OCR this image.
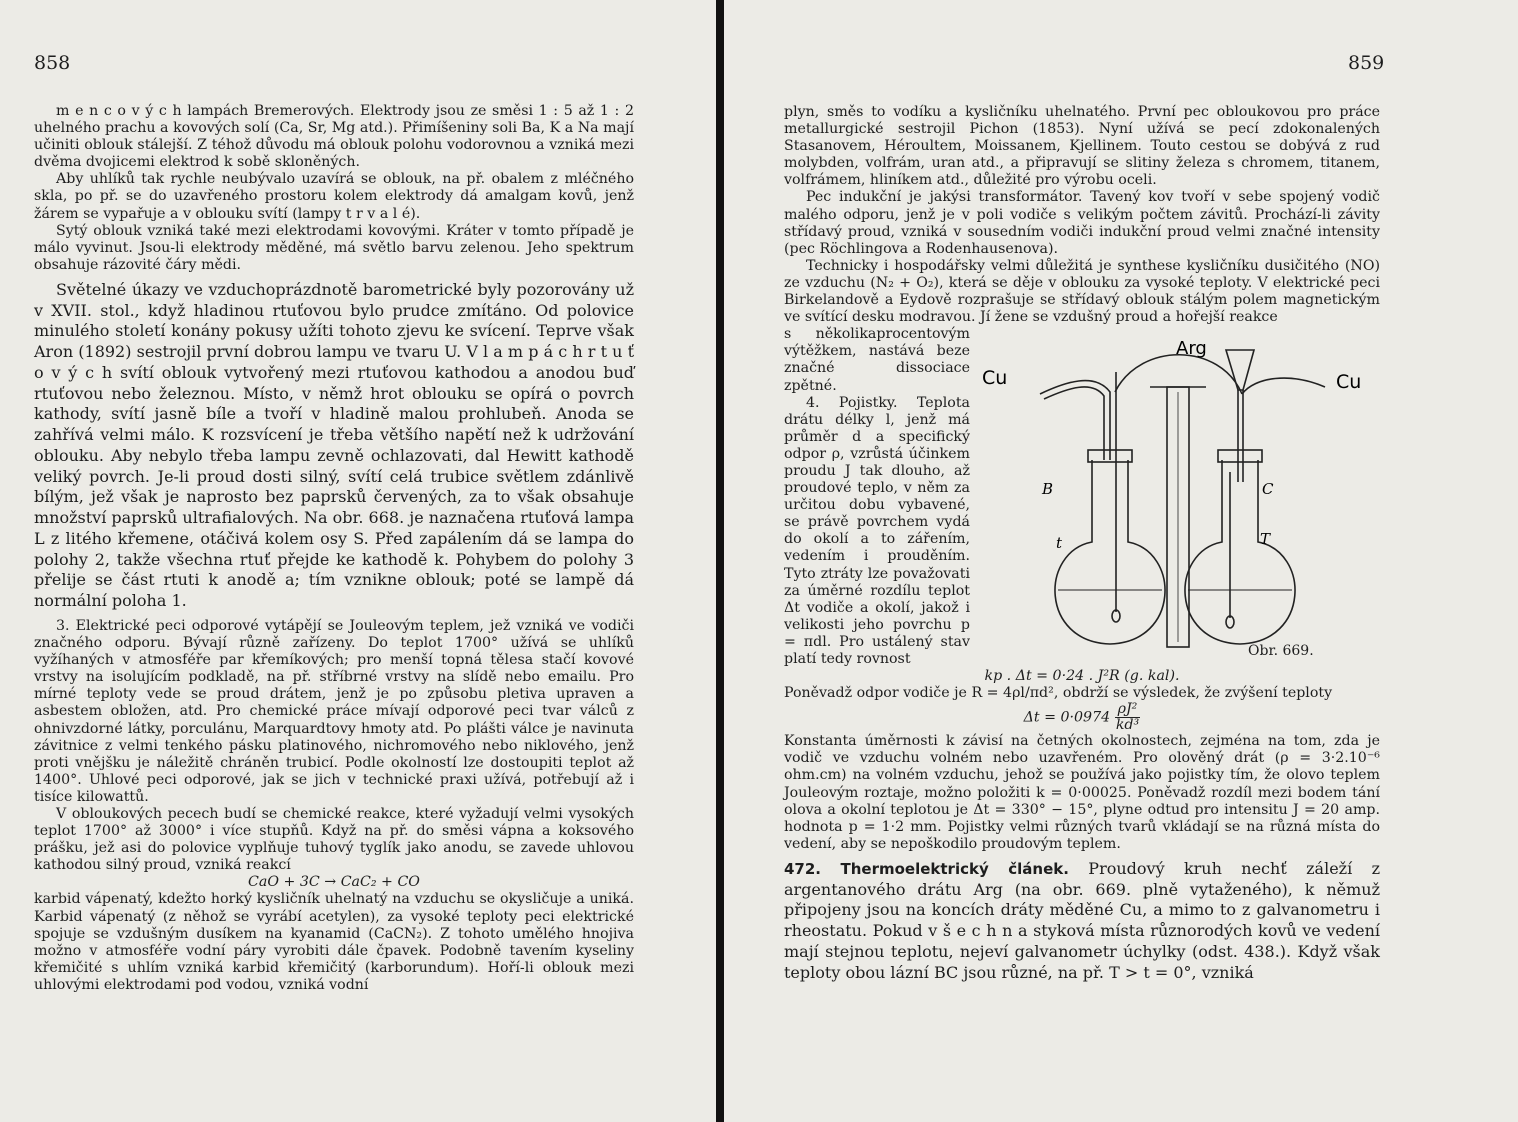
858

m e n c o v ý c h lampách Bremerových. Elektrody jsou ze směsi 1 : 5 až 1 : 2 uhelného prachu a kovových solí (Ca, Sr, Mg atd.). Přimíšeniny soli Ba, K a Na mají učiniti oblouk stálejší. Z téhož důvodu má oblouk polohu vodorovnou a vzniká mezi dvěma dvojicemi elektrod k sobě skloněných.

Aby uhlíků tak rychle neubývalo uzavírá se oblouk, na př. obalem z mléčného skla, po př. se do uzavřeného prostoru kolem elektrody dá amalgam kovů, jenž žárem se vypařuje a v oblouku svítí (lampy t r v a l é).

Sytý oblouk vzniká také mezi elektrodami kovovými. Kráter v tomto případě je málo vyvinut. Jsou-li elektrody měděné, má světlo barvu zelenou. Jeho spektrum obsahuje rázovité čáry mědi.

Světelné úkazy ve vzduchoprázdnotě barometrické byly pozorovány už v XVII. stol., když hladinou rtuťovou bylo prudce zmítáno. Od polovice minulého století konány pokusy užíti tohoto zjevu ke svícení. Teprve však Aron (1892) sestrojil první dobrou lampu ve tvaru U. V l a m p á c h r t u ť o v ý c h svítí oblouk vytvořený mezi rtuťovou kathodou a anodou buď rtuťovou nebo železnou. Místo, v němž hrot oblouku se opírá o povrch kathody, svítí jasně bíle a tvoří v hladině malou prohlubeň. Anoda se zahřívá velmi málo. K rozsvícení je třeba většího napětí než k udržování oblouku. Aby nebylo třeba lampu zevně ochlazovati, dal Hewitt kathodě veliký povrch. Je-li proud dosti silný, svítí celá trubice světlem zdánlivě bílým, jež však je naprosto bez paprsků červených, za to však obsahuje množství paprsků ultrafialových. Na obr. 668. je naznačena rtuťová lampa L z litého křemene, otáčivá kolem osy S. Před zapálením dá se lampa do polohy 2, takže všechna rtuť přejde ke kathodě k. Pohybem do polohy 3 přelije se část rtuti k anodě a; tím vznikne oblouk; poté se lampě dá normální poloha 1.

3. Elektrické peci odporové vytápějí se Jouleovým teplem, jež vzniká ve vodiči značného odporu. Bývají různě zařízeny. Do teplot 1700° užívá se uhlíků vyžíhaných v atmosféře par křemíkových; pro menší topná tělesa stačí kovové vrstvy na isolujícím podkladě, na př. stříbrné vrstvy na slídě nebo emailu. Pro mírné teploty vede se proud drátem, jenž je po způsobu pletiva upraven a asbestem obložen, atd. Pro chemické práce mívají odporové peci tvar válců z ohnivzdorné látky, porculánu, Marquardtovy hmoty atd. Po plášti válce je navinuta závitnice z velmi tenkého pásku platinového, nichromového nebo niklového, jenž proti vnějšku je náležitě chráněn trubicí. Podle okolností lze dostoupiti teplot až 1400°. Uhlové peci odporové, jak se jich v technické praxi užívá, potřebují až i tisíce kilowattů.

V obloukových pecech budí se chemické reakce, které vyžadují velmi vysokých teplot 1700° až 3000° i více stupňů. Když na př. do směsi vápna a koksového prášku, jež asi do polovice vyplňuje tuhový tyglík jako anodu, se zavede uhlovou kathodou silný proud, vzniká reakcí

CaO + 3C → CaC₂ + CO

karbid vápenatý, kdežto horký kysličník uhelnatý na vzduchu se okysličuje a uniká. Karbid vápenatý (z něhož se vyrábí acetylen), za vysoké teploty peci elektrické spojuje se vzdušným dusíkem na kyanamid (CaCN₂). Z tohoto umělého hnojiva možno v atmosféře vodní páry vyrobiti dále čpavek. Podobně tavením kyseliny křemičité s uhlím vzniká karbid křemičitý (karborundum). Hoří-li oblouk mezi uhlovými elektrodami pod vodou, vzniká vodní

859

plyn, směs to vodíku a kysličníku uhelnatého. První pec obloukovou pro práce metallurgické sestrojil Pichon (1853). Nyní užívá se pecí zdokonalených Stasanovem, Héroultem, Moissanem, Kjellinem. Touto cestou se dobývá z rud molybden, volfrám, uran atd., a připravují se slitiny železa s chromem, titanem, volfrámem, hliníkem atd., důležité pro výrobu oceli.

Pec indukční je jakýsi transformátor. Tavený kov tvoří v sebe spojený vodič malého odporu, jenž je v poli vodiče s velikým počtem závitů. Prochází-li závity střídavý proud, vzniká v sousedním vodiči indukční proud velmi značné intensity (pec Röchlingova a Rodenhausenova).

Technicky i hospodářsky velmi důležitá je synthese kysličníku dusičitého (NO) ze vzduchu (N₂ + O₂), která se děje v oblouku za vysoké teploty. V elektrické peci Birkelandově a Eydově rozprašuje se střídavý oblouk stálým polem magnetickým ve svítící desku modravou. Jí žene se vzdušný proud a hořejší reakce

Arg
Cu	Cu
B	C
t	T
Obr. 669.

s několikaprocentovým výtěžkem, nastává beze značné dissociace zpětné.

4. Pojistky. Teplota drátu délky l, jenž má průměr d a specifický odpor ρ, vzrůstá účinkem proudu J tak dlouho, až proudové teplo, v něm za určitou dobu vybavené, se právě povrchem vydá do okolí a to zářením, vedením i prouděním. Tyto ztráty lze považovati za úměrné rozdílu teplot Δt vodiče a okolí, jakož i velikosti jeho povrchu p = πdl. Pro ustálený stav platí tedy rovnost

kp . Δt = 0·24 . J²R (g. kal).

Poněvadž odpor vodiče je R = 4ρl/πd², obdrží se výsledek, že zvýšení teploty

$\Delta t = 0\cdot 0974 \frac{\text{ρJ²}}{\text{kd³}}$

Konstanta úměrnosti k závisí na četných okolnostech, zejména na tom, zda je vodič ve vzduchu volném nebo uzavřeném. Pro olověný drát (ρ = 3·2.10⁻⁶ ohm.cm) na volném vzduchu, jehož se používá jako pojistky tím, že olovo teplem Jouleovým roztaje, možno položiti k = 0·00025. Poněvadž rozdíl mezi bodem tání olova a okolní teplotou je Δt = 330° − 15°, plyne odtud pro intensitu J = 20 amp. hodnota p = 1·2 mm. Pojistky velmi různých tvarů vkládají se na různá místa do vedení, aby se nepoškodilo proudovým teplem.

472. Thermoelektrický článek. Proudový kruh nechť záleží z argentanového drátu Arg (na obr. 669. plně vytaženého), k němuž připojeny jsou na koncích dráty měděné Cu, a mimo to z galvanometru i rheostatu. Pokud v š e c h n a styková místa různorodých kovů ve vedení mají stejnou teplotu, nejeví galvanometr úchylky (odst. 438.). Když však teploty obou lázní BC jsou různé, na př. T > t = 0°, vzniká
